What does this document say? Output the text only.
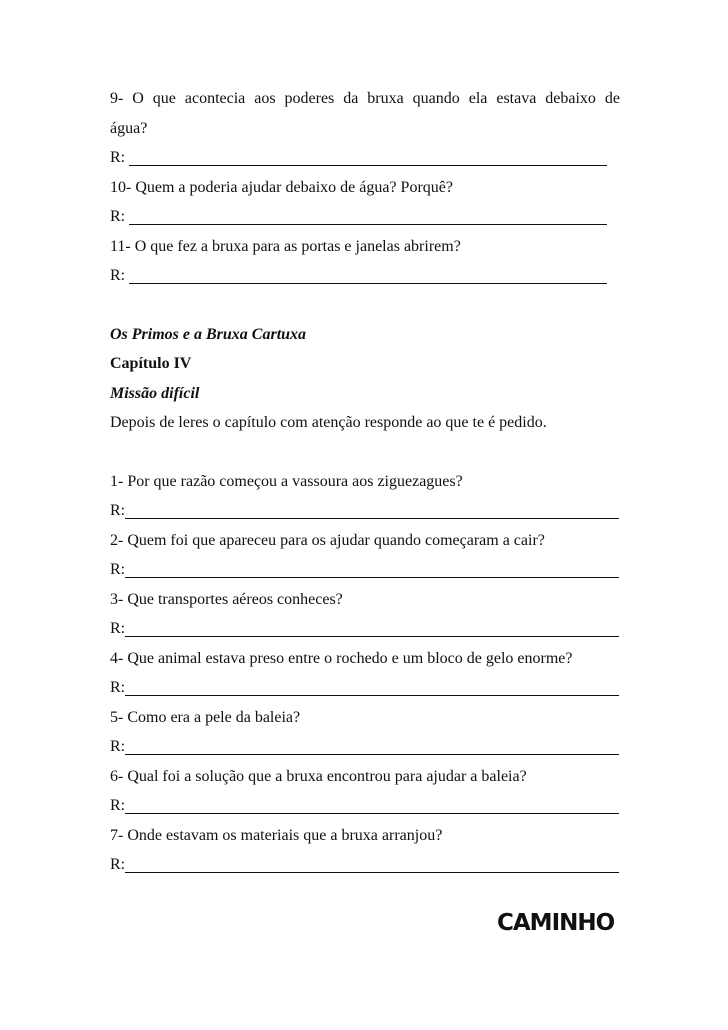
9- O que acontecia aos poderes da bruxa quando ela estava debaixo de
água?
R:
10- Quem a poderia ajudar debaixo de água? Porquê?
R:
11- O que fez a bruxa para as portas e janelas abrirem?
R:
Os Primos e a Bruxa Cartuxa
Capítulo IV
Missão difícil
Depois de leres o capítulo com atenção responde ao que te é pedido.
1- Por que razão começou a vassoura aos ziguezagues?
R:
2- Quem foi que apareceu para os ajudar quando começaram a cair?
R:
3- Que transportes aéreos conheces?
R:
4- Que animal estava preso entre o rochedo e um bloco de gelo enorme?
R:
5- Como era a pele da baleia?
R:
6- Qual foi a solução que a bruxa encontrou para ajudar a baleia?
R:
7- Onde estavam os materiais que a bruxa arranjou?
R:
CAMINHO
